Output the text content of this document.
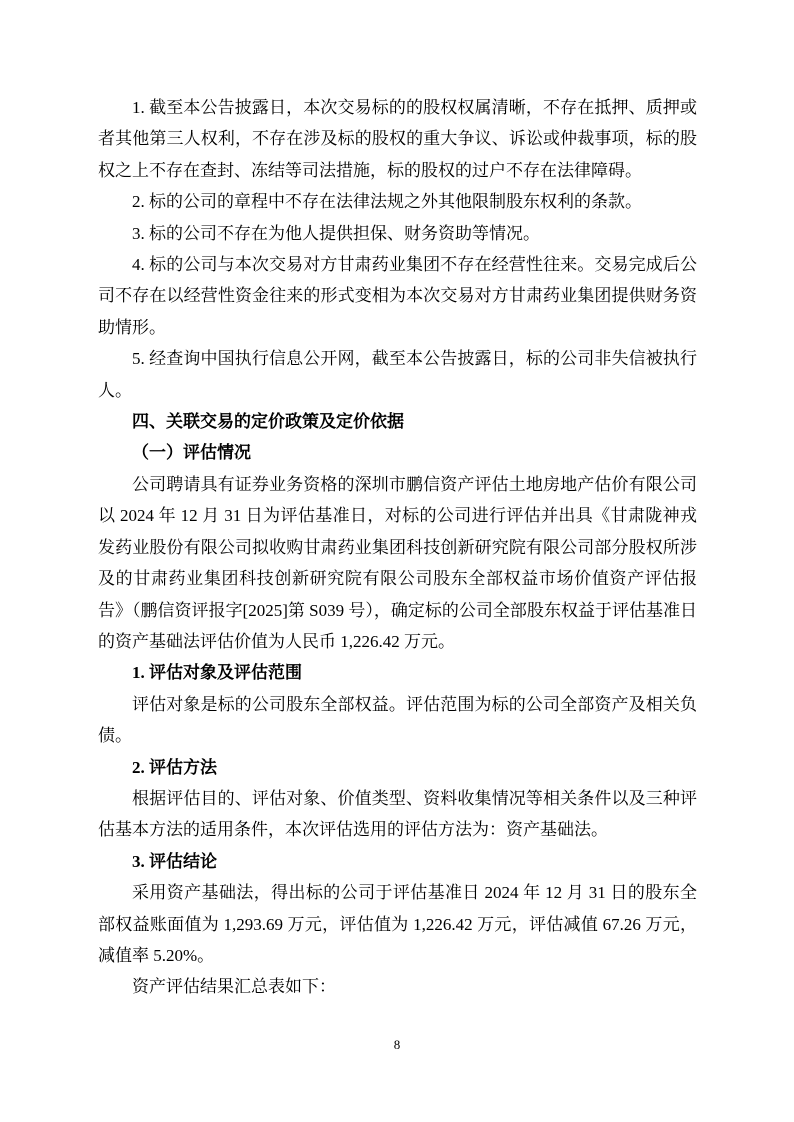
1. 截至本公告披露日，本次交易标的的股权权属清晰，不存在抵押、质押或者其他第三人权利，不存在涉及标的股权的重大争议、诉讼或仲裁事项，标的股权之上不存在查封、冻结等司法措施，标的股权的过户不存在法律障碍。

2. 标的公司的章程中不存在法律法规之外其他限制股东权利的条款。

3. 标的公司不存在为他人提供担保、财务资助等情况。

4. 标的公司与本次交易对方甘肃药业集团不存在经营性往来。交易完成后公司不存在以经营性资金往来的形式变相为本次交易对方甘肃药业集团提供财务资助情形。

5. 经查询中国执行信息公开网，截至本公告披露日，标的公司非失信被执行人。

四、关联交易的定价政策及定价依据

（一）评估情况

公司聘请具有证券业务资格的深圳市鹏信资产评估土地房地产估价有限公司以 2024 年 12 月 31 日为评估基准日，对标的公司进行评估并出具《甘肃陇神戎发药业股份有限公司拟收购甘肃药业集团科技创新研究院有限公司部分股权所涉及的甘肃药业集团科技创新研究院有限公司股东全部权益市场价值资产评估报告》（鹏信资评报字[2025]第 S039 号），确定标的公司全部股东权益于评估基准日的资产基础法评估价值为人民币 1,226.42 万元。

1. 评估对象及评估范围

评估对象是标的公司股东全部权益。评估范围为标的公司全部资产及相关负债。

2. 评估方法

根据评估目的、评估对象、价值类型、资料收集情况等相关条件以及三种评估基本方法的适用条件，本次评估选用的评估方法为：资产基础法。

3. 评估结论

采用资产基础法，得出标的公司于评估基准日 2024 年 12 月 31 日的股东全部权益账面值为 1,293.69 万元，评估值为 1,226.42 万元，评估减值 67.26 万元，减值率 5.20%。

资产评估结果汇总表如下：

8
